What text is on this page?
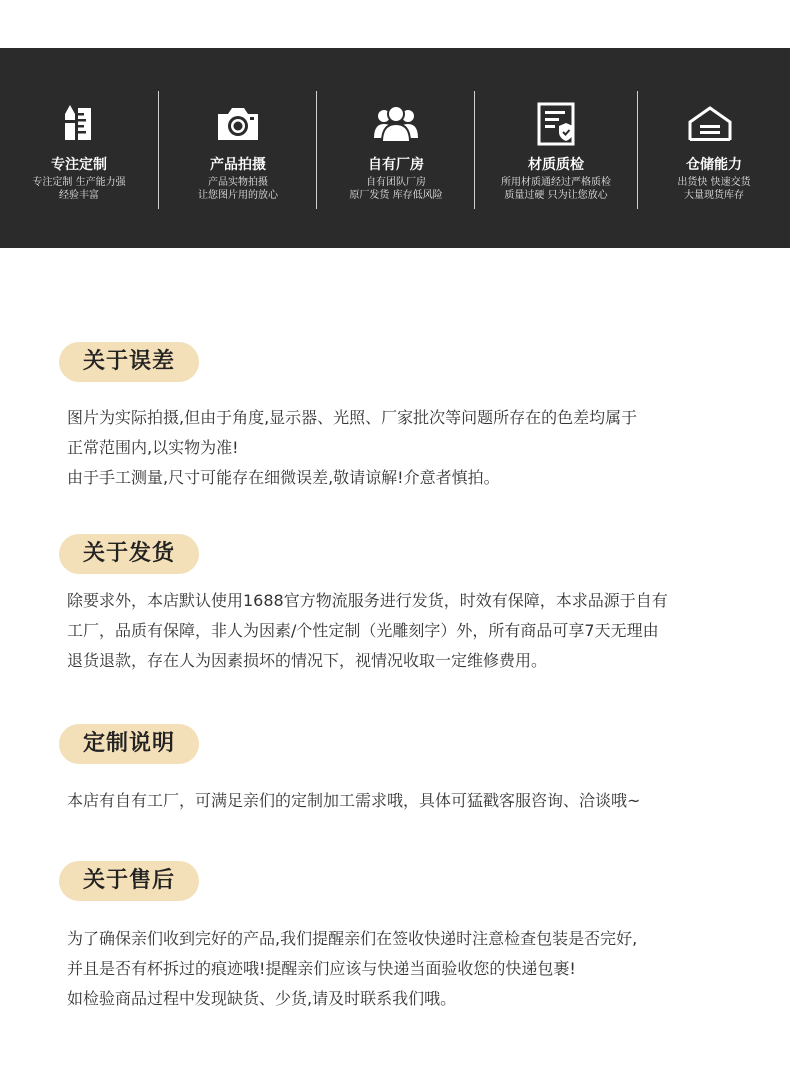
专注定制
专注定制 生产能力强
经验丰富
产品拍摄
产品实物拍摄
让您图片用的放心
自有厂房
自有团队厂房
原厂发货 库存低风险
材质质检
所用材质通经过严格质检
质量过硬 只为让您放心
仓储能力
出货快 快速交货
大量现货库存
关于误差
图片为实际拍摄,但由于角度,显示器、光照、厂家批次等问题所存在的色差均属于
正常范围内,以实物为准!
由于手工测量,尺寸可能存在细微误差,敬请谅解!介意者慎拍。
关于发货
除要求外，本店默认使用1688官方物流服务进行发货，时效有保障，本求品源于自有
工厂，品质有保障，非人为因素/个性定制（光雕刻字）外，所有商品可享7天无理由
退货退款，存在人为因素损坏的情况下，视情况收取一定维修费用。
定制说明
本店有自有工厂，可满足亲们的定制加工需求哦，具体可猛戳客服咨询、洽谈哦~
关于售后
为了确保亲们收到完好的产品,我们提醒亲们在签收快递时注意检查包装是否完好,
并且是否有杯拆过的痕迹哦!提醒亲们应该与快递当面验收您的快递包裹!
如检验商品过程中发现缺货、少货,请及时联系我们哦。
